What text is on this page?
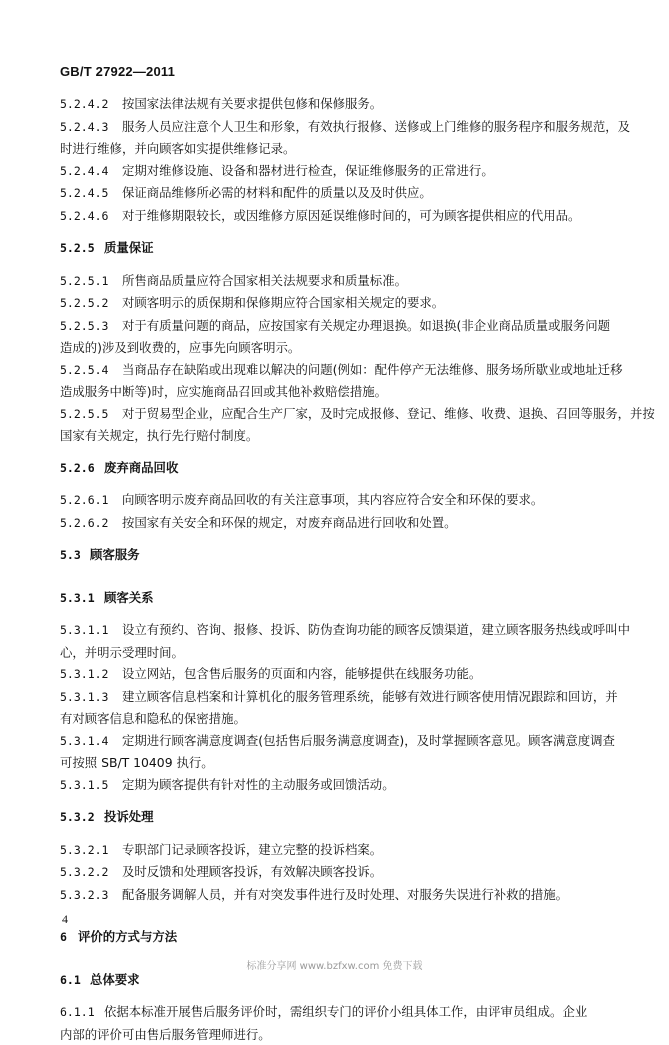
GB/T 27922—2011
5.2.4.2 按国家法律法规有关要求提供包修和保修服务。
5.2.4.3 服务人员应注意个人卫生和形象，有效执行报修、送修或上门维修的服务程序和服务规范，及
时进行维修，并向顾客如实提供维修记录。
5.2.4.4 定期对维修设施、设备和器材进行检查，保证维修服务的正常进行。
5.2.4.5 保证商品维修所必需的材料和配件的质量以及及时供应。
5.2.4.6 对于维修期限较长，或因维修方原因延误维修时间的，可为顾客提供相应的代用品。
5.2.5 质量保证
5.2.5.1 所售商品质量应符合国家相关法规要求和质量标准。
5.2.5.2 对顾客明示的质保期和保修期应符合国家相关规定的要求。
5.2.5.3 对于有质量问题的商品，应按国家有关规定办理退换。如退换(非企业商品质量或服务问题
造成的)涉及到收费的，应事先向顾客明示。
5.2.5.4 当商品存在缺陷或出现难以解决的问题(例如：配件停产无法维修、服务场所歇业或地址迁移
造成服务中断等)时，应实施商品召回或其他补救赔偿措施。
5.2.5.5 对于贸易型企业，应配合生产厂家，及时完成报修、登记、维修、收费、退换、召回等服务，并按
国家有关规定，执行先行赔付制度。
5.2.6 废弃商品回收
5.2.6.1 向顾客明示废弃商品回收的有关注意事项，其内容应符合安全和环保的要求。
5.2.6.2 按国家有关安全和环保的规定，对废弃商品进行回收和处置。
5.3 顾客服务
5.3.1 顾客关系
5.3.1.1 设立有预约、咨询、报修、投诉、防伪查询功能的顾客反馈渠道，建立顾客服务热线或呼叫中
心，并明示受理时间。
5.3.1.2 设立网站，包含售后服务的页面和内容，能够提供在线服务功能。
5.3.1.3 建立顾客信息档案和计算机化的服务管理系统，能够有效进行顾客使用情况跟踪和回访，并
有对顾客信息和隐私的保密措施。
5.3.1.4 定期进行顾客满意度调查(包括售后服务满意度调查)，及时掌握顾客意见。顾客满意度调查
可按照 SB/T 10409 执行。
5.3.1.5 定期为顾客提供有针对性的主动服务或回馈活动。
5.3.2 投诉处理
5.3.2.1 专职部门记录顾客投诉，建立完整的投诉档案。
5.3.2.2 及时反馈和处理顾客投诉，有效解决顾客投诉。
5.3.2.3 配备服务调解人员，并有对突发事件进行及时处理、对服务失误进行补救的措施。
6 评价的方式与方法
6.1 总体要求
6.1.1 依据本标准开展售后服务评价时，需组织专门的评价小组具体工作，由评审员组成。企业
内部的评价可由售后服务管理师进行。
4
标准分享网 www.bzfxw.com 免费下载
